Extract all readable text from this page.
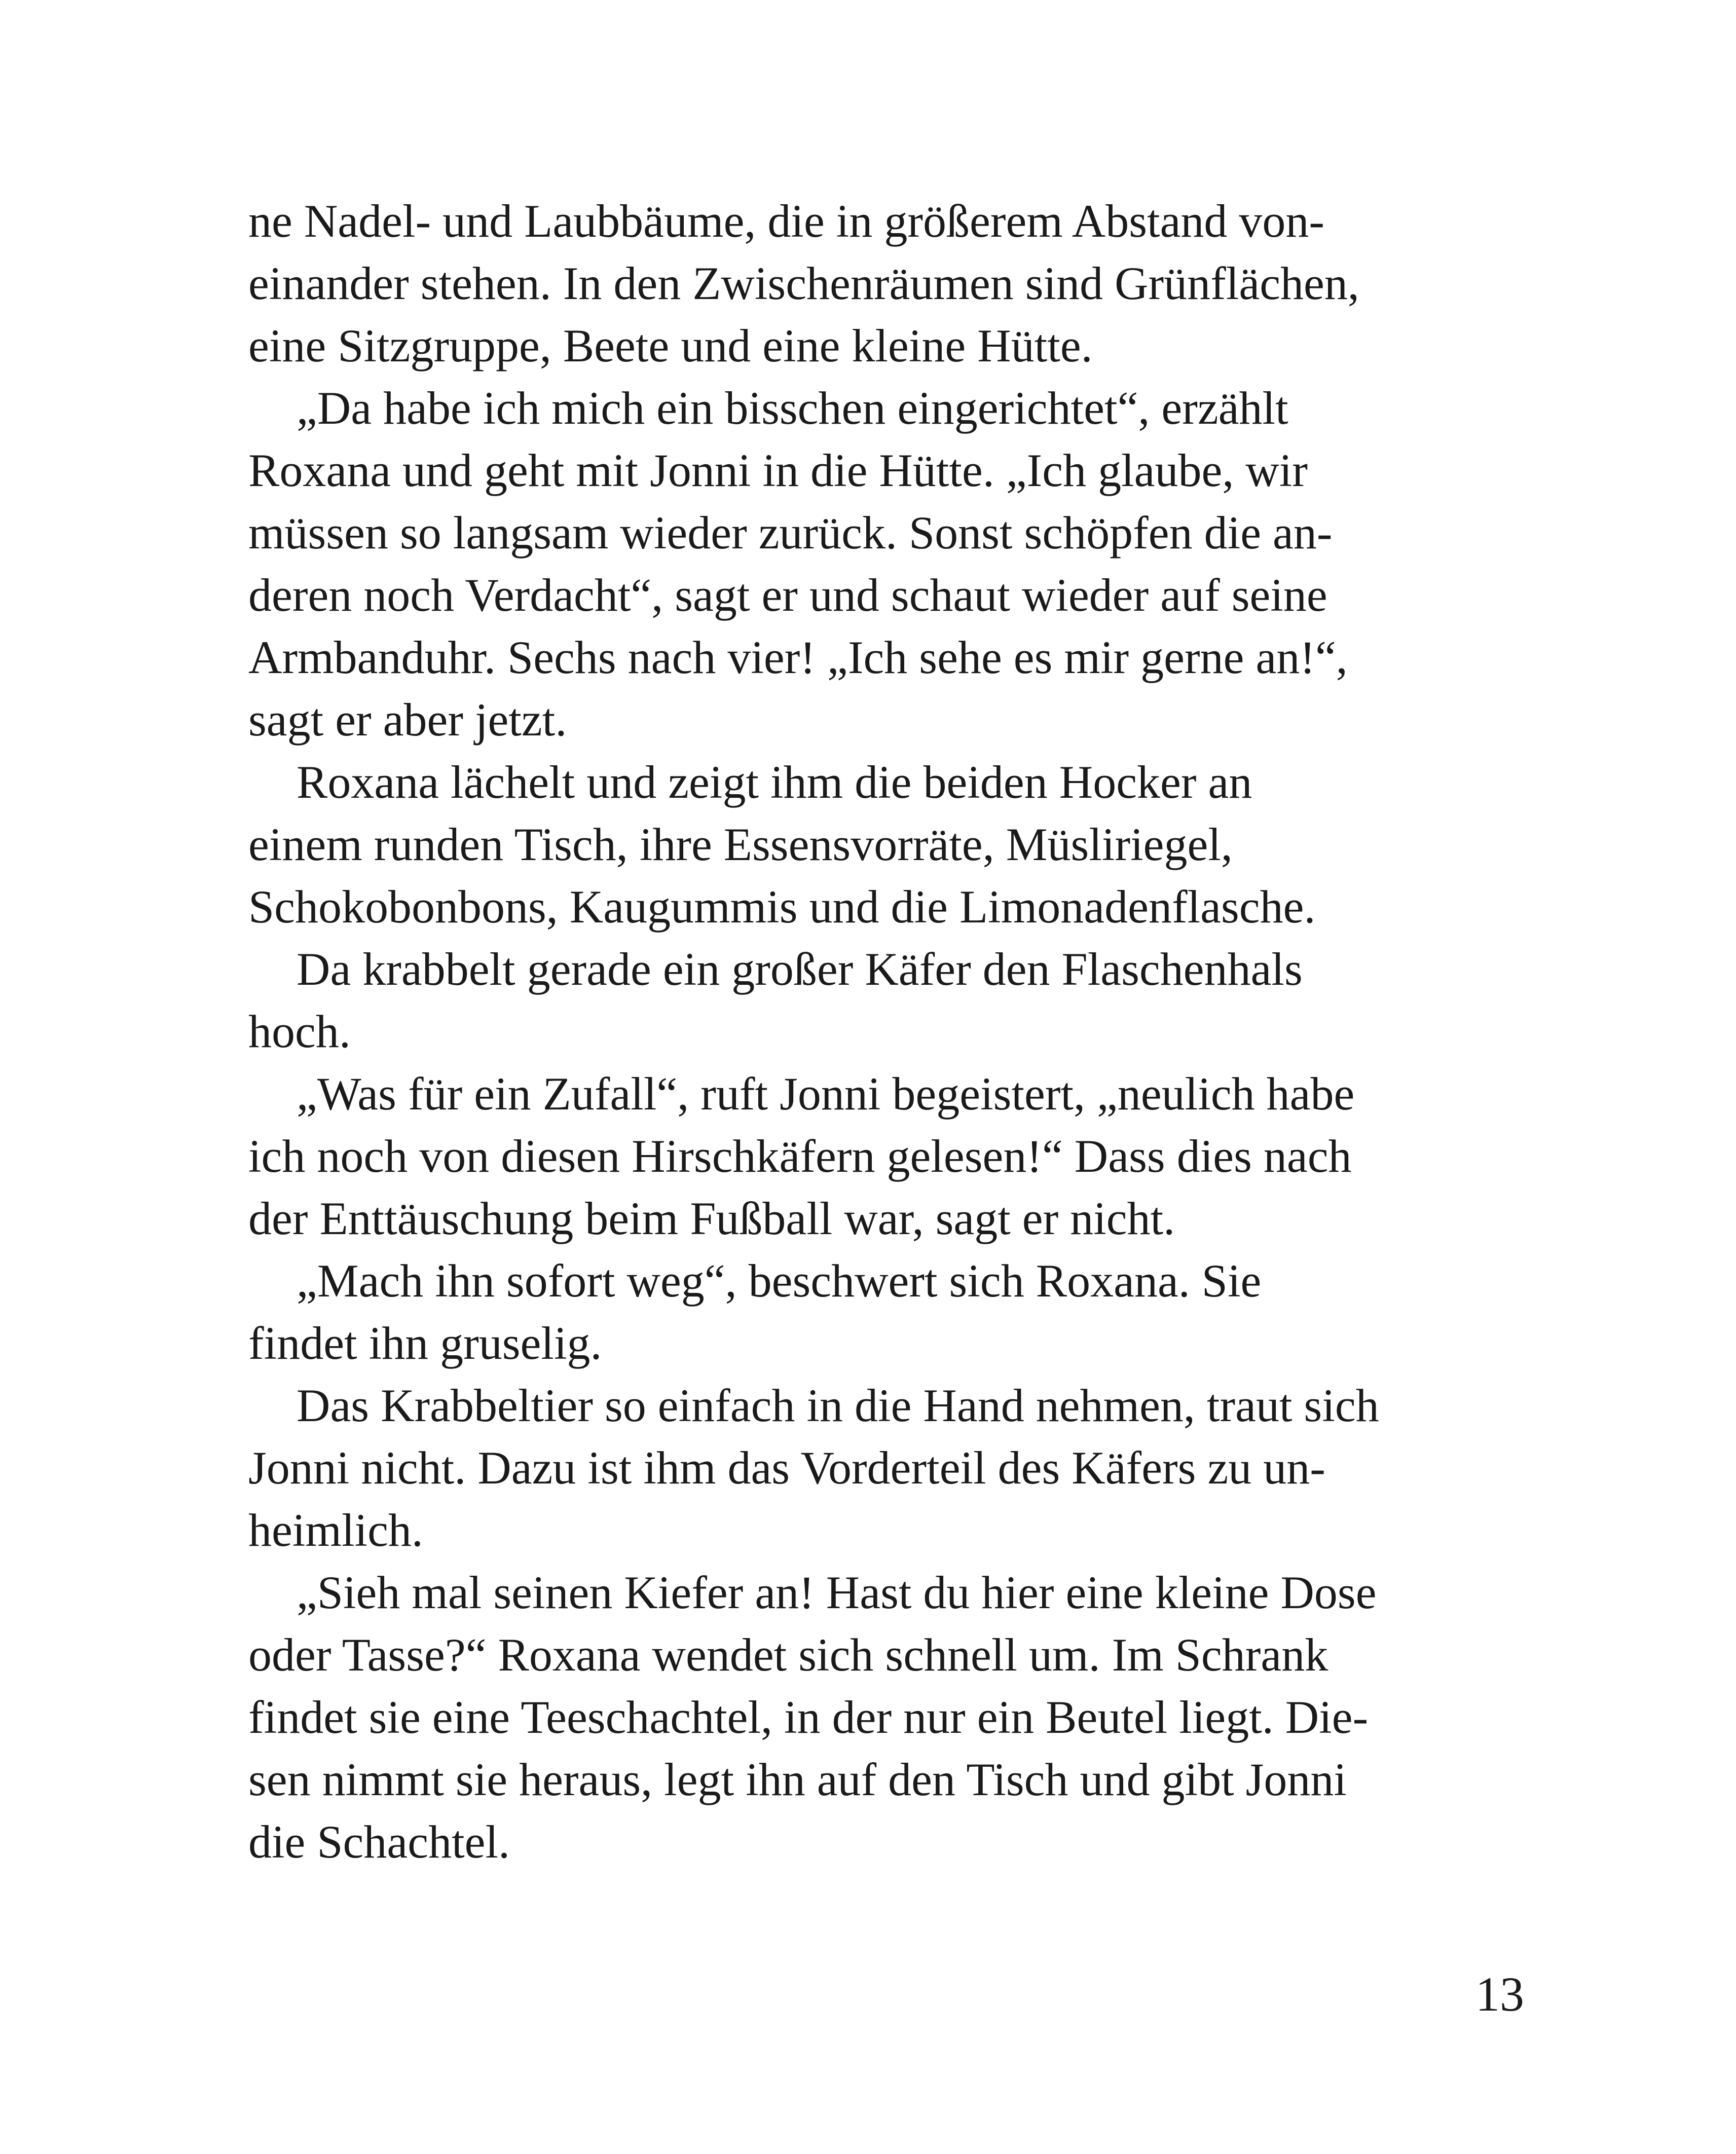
ne Nadel- und Laubbäume, die in größerem Abstand von-
einander stehen. In den Zwischenräumen sind Grünflächen,
eine Sitzgruppe, Beete und eine kleine Hütte.
„Da habe ich mich ein bisschen eingerichtet“, erzählt
Roxana und geht mit Jonni in die Hütte. „Ich glaube, wir
müssen so langsam wieder zurück. Sonst schöpfen die an-
deren noch Verdacht“, sagt er und schaut wieder auf seine
Armbanduhr. Sechs nach vier! „Ich sehe es mir gerne an!“,
sagt er aber jetzt.
Roxana lächelt und zeigt ihm die beiden Hocker an
einem runden Tisch, ihre Essensvorräte, Müsliriegel,
Schokobonbons, Kaugummis und die Limonadenflasche.
Da krabbelt gerade ein großer Käfer den Flaschenhals
hoch.
„Was für ein Zufall“, ruft Jonni begeistert, „neulich habe
ich noch von diesen Hirschkäfern gelesen!“ Dass dies nach
der Enttäuschung beim Fußball war, sagt er nicht.
„Mach ihn sofort weg“, beschwert sich Roxana. Sie
findet ihn gruselig.
Das Krabbeltier so einfach in die Hand nehmen, traut sich
Jonni nicht. Dazu ist ihm das Vorderteil des Käfers zu un-
heimlich.
„Sieh mal seinen Kiefer an! Hast du hier eine kleine Dose
oder Tasse?“ Roxana wendet sich schnell um. Im Schrank
findet sie eine Teeschachtel, in der nur ein Beutel liegt. Die-
sen nimmt sie heraus, legt ihn auf den Tisch und gibt Jonni
die Schachtel.
13
